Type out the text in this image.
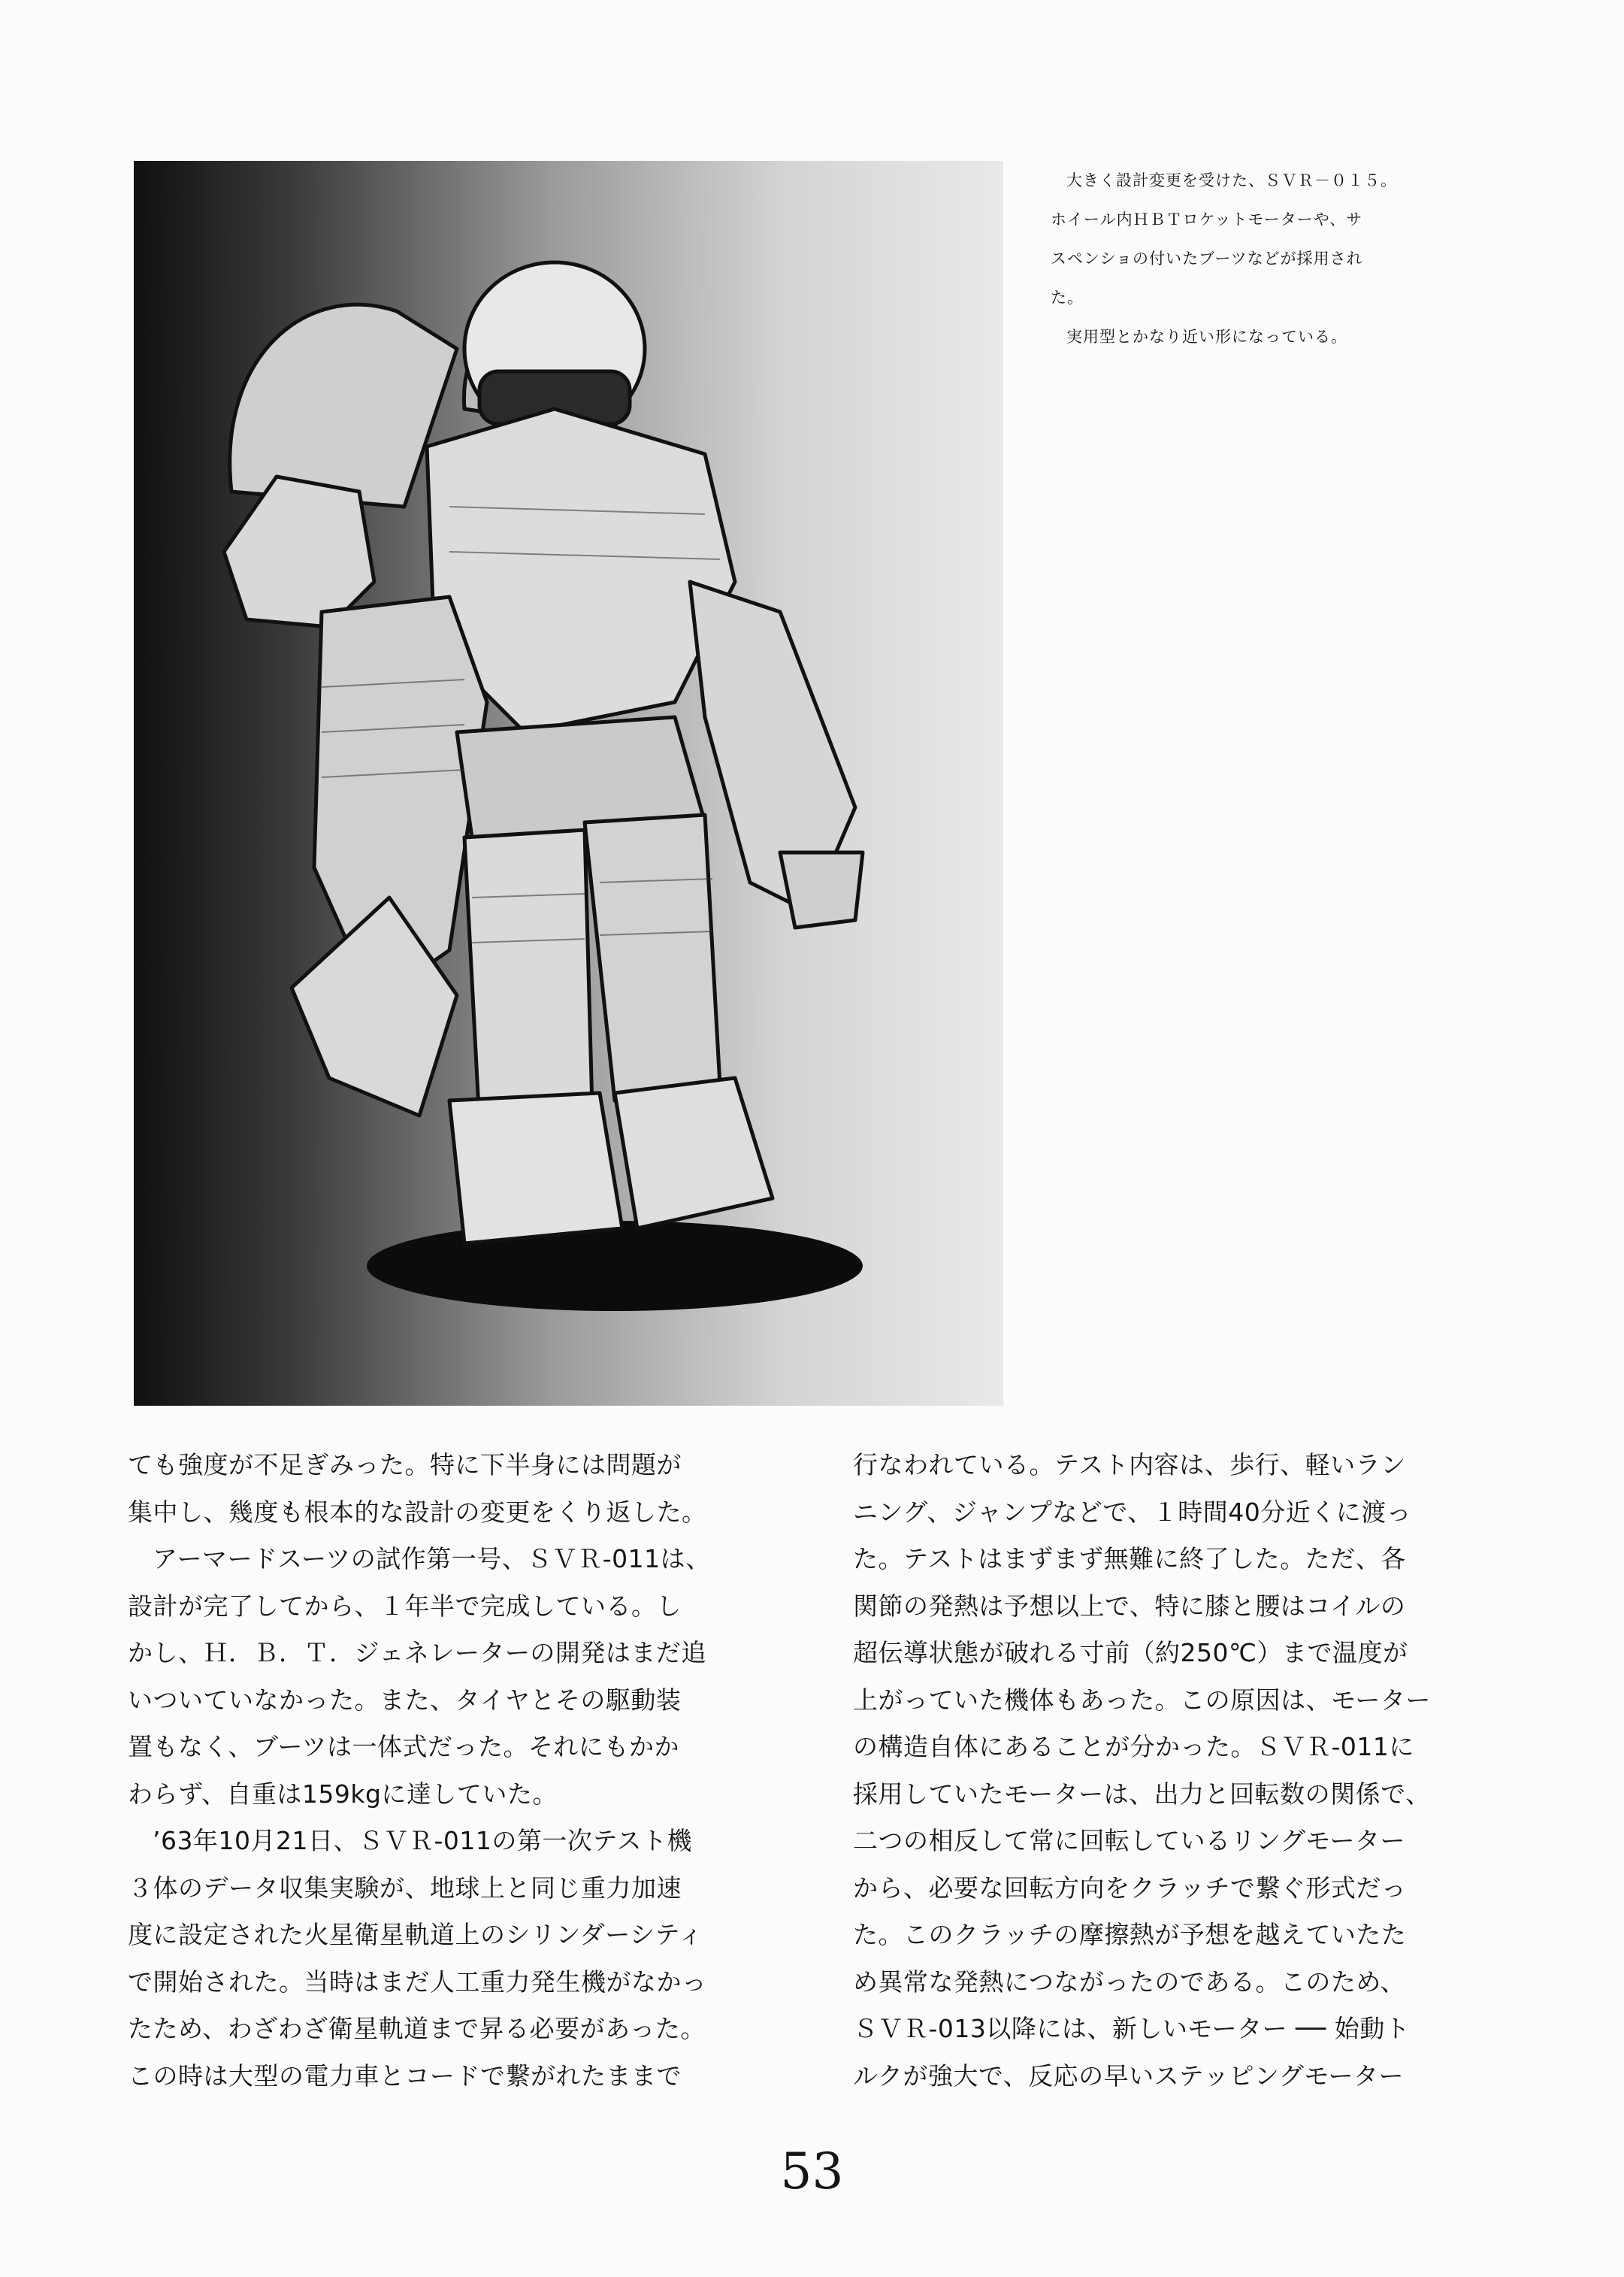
大きく設計変更を受けた、ＳＶＲ－０１５。

ホイール内ＨＢＴロケットモーターや、サ

スペンショの付いたブーツなどが採用され

た。

実用型とかなり近い形になっている。

ても強度が不足ぎみった。特に下半身には問題が

集中し、幾度も根本的な設計の変更をくり返した。

アーマードスーツの試作第一号、ＳＶＲ-011は、

設計が完了してから、１年半で完成している。し

かし、Ｈ．Ｂ．Ｔ．ジェネレーターの開発はまだ追

いついていなかった。また、タイヤとその駆動装

置もなく、ブーツは一体式だった。それにもかか

わらず、自重は159kgに達していた。

’63年10月21日、ＳＶＲ-011の第一次テスト機

３体のデータ収集実験が、地球上と同じ重力加速

度に設定された火星衛星軌道上のシリンダーシティ

で開始された。当時はまだ人工重力発生機がなかっ

たため、わざわざ衛星軌道まで昇る必要があった。

この時は大型の電力車とコードで繋がれたままで

行なわれている。テスト内容は、歩行、軽いラン

ニング、ジャンプなどで、１時間40分近くに渡っ

た。テストはまずまず無難に終了した。ただ、各

関節の発熱は予想以上で、特に膝と腰はコイルの

超伝導状態が破れる寸前（約250℃）まで温度が

上がっていた機体もあった。この原因は、モーター

の構造自体にあることが分かった。ＳＶＲ-011に

採用していたモーターは、出力と回転数の関係で、

二つの相反して常に回転しているリングモーター

から、必要な回転方向をクラッチで繋ぐ形式だっ

た。このクラッチの摩擦熱が予想を越えていたた

め異常な発熱につながったのである。このため、

ＳＶＲ-013以降には、新しいモーター ── 始動ト

ルクが強大で、反応の早いステッピングモーター

53
